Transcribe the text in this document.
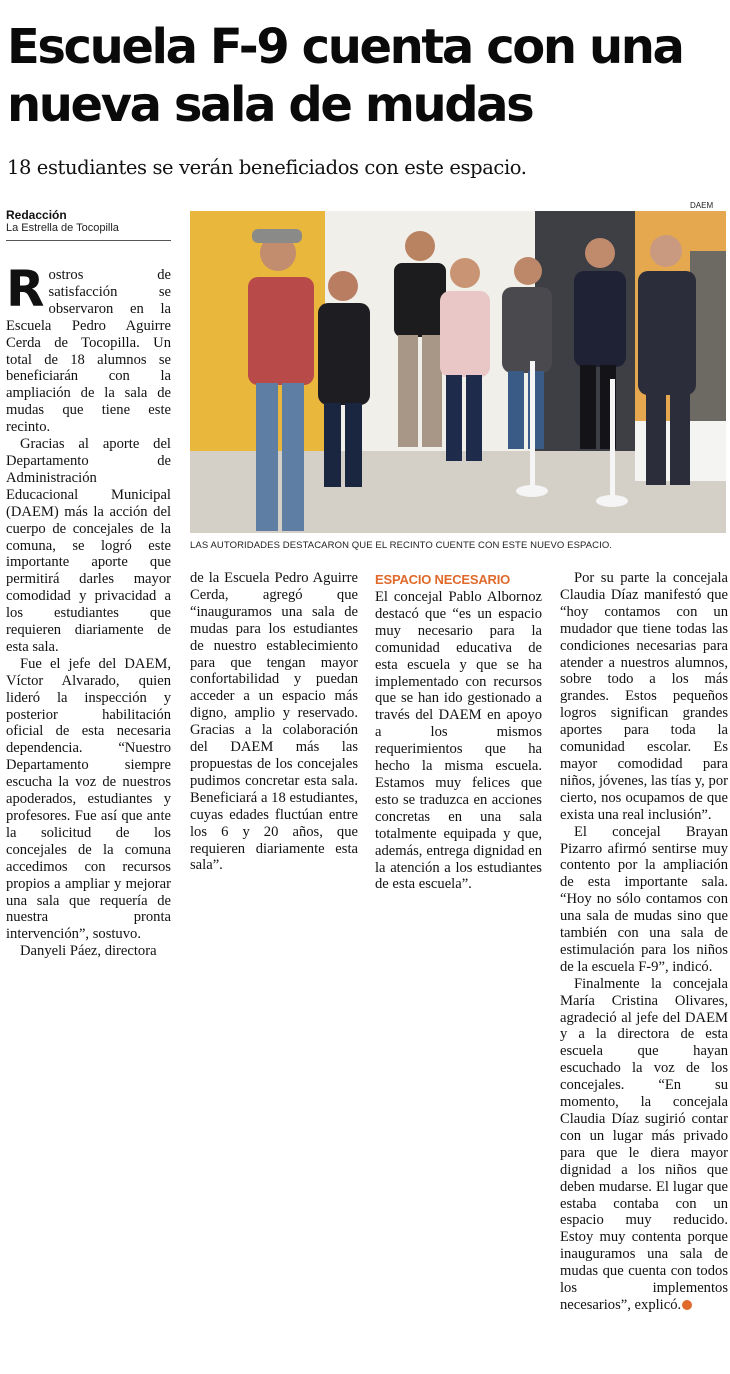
Escuela F-9 cuenta con una nueva sala de mudas

18 estudiantes se verán beneficiados con este espacio.

Redacción
La Estrella de Tocopilla
DAEM
LAS AUTORIDADES DESTACARON QUE EL RECINTO CUENTE CON ESTE NUEVO ESPACIO.

Rostros de satisfacción se observaron en la Escuela Pedro Aguirre Cerda de Tocopilla. Un total de 18 alumnos se beneficiarán con la ampliación de la sala de mudas que tiene este recinto.

Gracias al aporte del Departamento de Administración Educacional Municipal (DAEM) más la acción del cuerpo de concejales de la comuna, se logró este importante aporte que permitirá darles mayor comodidad y privacidad a los estudiantes que requieren diariamente de esta sala.

Fue el jefe del DAEM, Víctor Alvarado, quien lideró la inspección y posterior habilitación oficial de esta necesaria dependencia. “Nuestro Departamento siempre escucha la voz de nuestros apoderados, estudiantes y profesores. Fue así que ante la solicitud de los concejales de la comuna accedimos con recursos propios a ampliar y mejorar una sala que requería de nuestra pronta intervención”, sostuvo.

Danyeli Páez, directora

de la Escuela Pedro Aguirre Cerda, agregó que “inauguramos una sala de mudas para los estudiantes de nuestro establecimiento para que tengan mayor confortabilidad y puedan acceder a un espacio más digno, amplio y reservado. Gracias a la colaboración del DAEM más las propuestas de los concejales pudimos concretar esta sala. Beneficiará a 18 estudiantes, cuyas edades fluctúan entre los 6 y 20 años, que requieren diariamente esta sala”.

ESPACIO NECESARIO

El concejal Pablo Albornoz destacó que “es un espacio muy necesario para la comunidad educativa de esta escuela y que se ha implementado con recursos que se han ido gestionado a través del DAEM en apoyo a los mismos requerimientos que ha hecho la misma escuela. Estamos muy felices que esto se traduzca en acciones concretas en una sala totalmente equipada y que, además, entrega dignidad en la atención a los estudiantes de esta escuela”.

Por su parte la concejala Claudia Díaz manifestó que “hoy contamos con un mudador que tiene todas las condiciones necesarias para atender a nuestros alumnos, sobre todo a los más grandes. Estos pequeños logros significan grandes aportes para toda la comunidad escolar. Es mayor comodidad para niños, jóvenes, las tías y, por cierto, nos ocupamos de que exista una real inclusión”.

El concejal Brayan Pizarro afirmó sentirse muy contento por la ampliación de esta importante sala. “Hoy no sólo contamos con una sala de mudas sino que también con una sala de estimulación para los niños de la escuela F-9”, indicó.

Finalmente la concejala María Cristina Olivares, agradeció al jefe del DAEM y a la directora de esta escuela que hayan escuchado la voz de los concejales. “En su momento, la concejala Claudia Díaz sugirió contar con un lugar más privado para que le diera mayor dignidad a los niños que deben mudarse. El lugar que estaba contaba con un espacio muy reducido. Estoy muy contenta porque inauguramos una sala de mudas que cuenta con todos los implementos necesarios”, explicó.
